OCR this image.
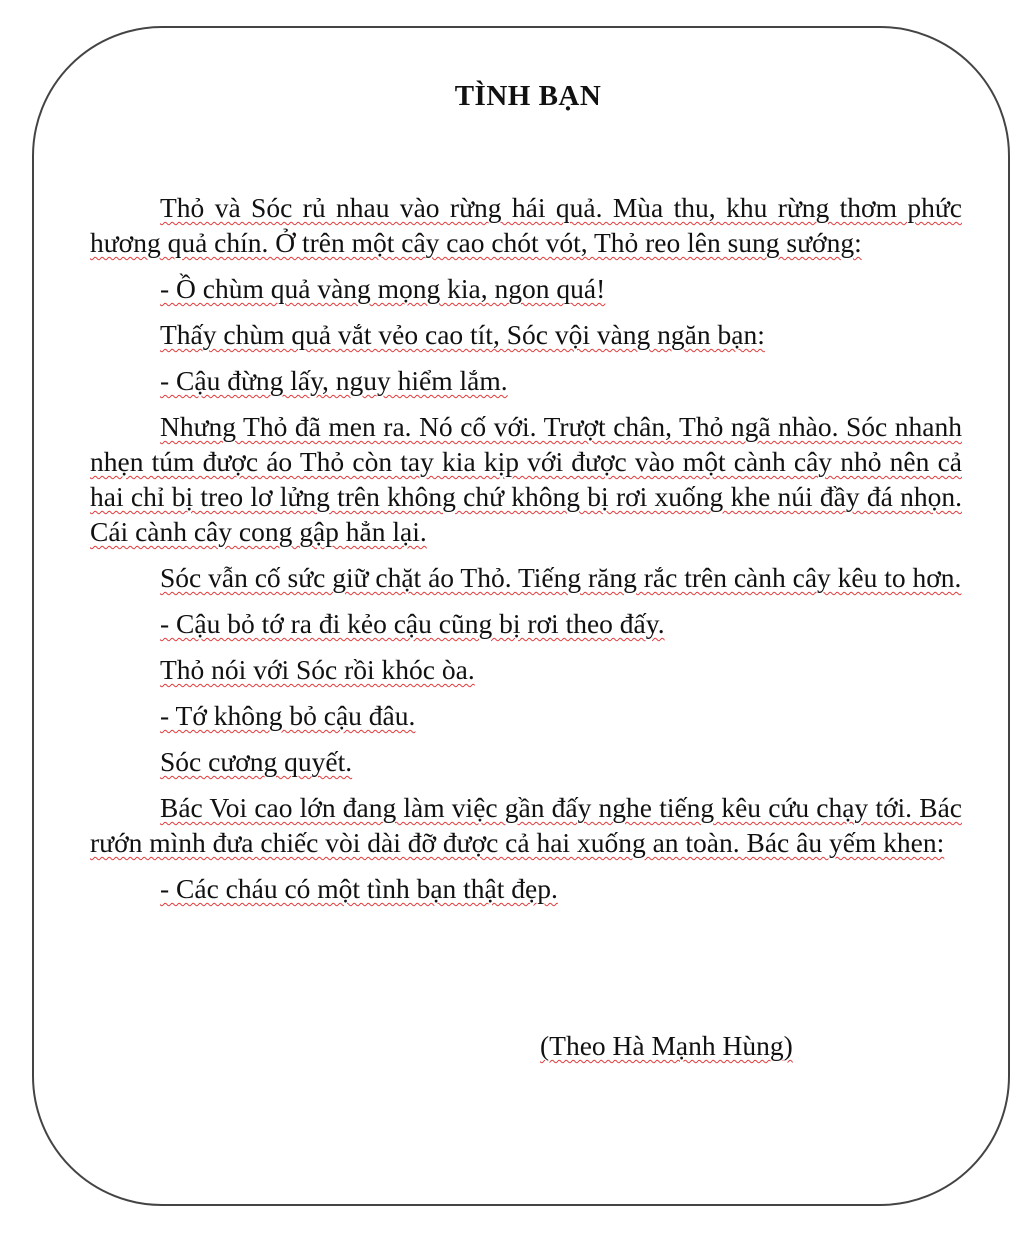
TÌNH BẠN

Thỏ và Sóc rủ nhau vào rừng hái quả. Mùa thu, khu rừng thơm phức hương quả chín. Ở trên một cây cao chót vót, Thỏ reo lên sung sướng:

- Ồ chùm quả vàng mọng kia, ngon quá!

Thấy chùm quả vắt vẻo cao tít, Sóc vội vàng ngăn bạn:

- Cậu đừng lấy, nguy hiểm lắm.

Nhưng Thỏ đã men ra. Nó cố với. Trượt chân, Thỏ ngã nhào. Sóc nhanh nhẹn túm được áo Thỏ còn tay kia kịp với được vào một cành cây nhỏ nên cả hai chỉ bị treo lơ lửng trên không chứ không bị rơi xuống khe núi đầy đá nhọn. Cái cành cây cong gập hẳn lại.

Sóc vẫn cố sức giữ chặt áo Thỏ. Tiếng răng rắc trên cành cây kêu to hơn.

- Cậu bỏ tớ ra đi kẻo cậu cũng bị rơi theo đấy.

Thỏ nói với Sóc rồi khóc òa.

- Tớ không bỏ cậu đâu.

Sóc cương quyết.

Bác Voi cao lớn đang làm việc gần đấy nghe tiếng kêu cứu chạy tới. Bác rướn mình đưa chiếc vòi dài đỡ được cả hai xuống an toàn. Bác âu yếm khen:

- Các cháu có một tình bạn thật đẹp.

(Theo Hà Mạnh Hùng)
